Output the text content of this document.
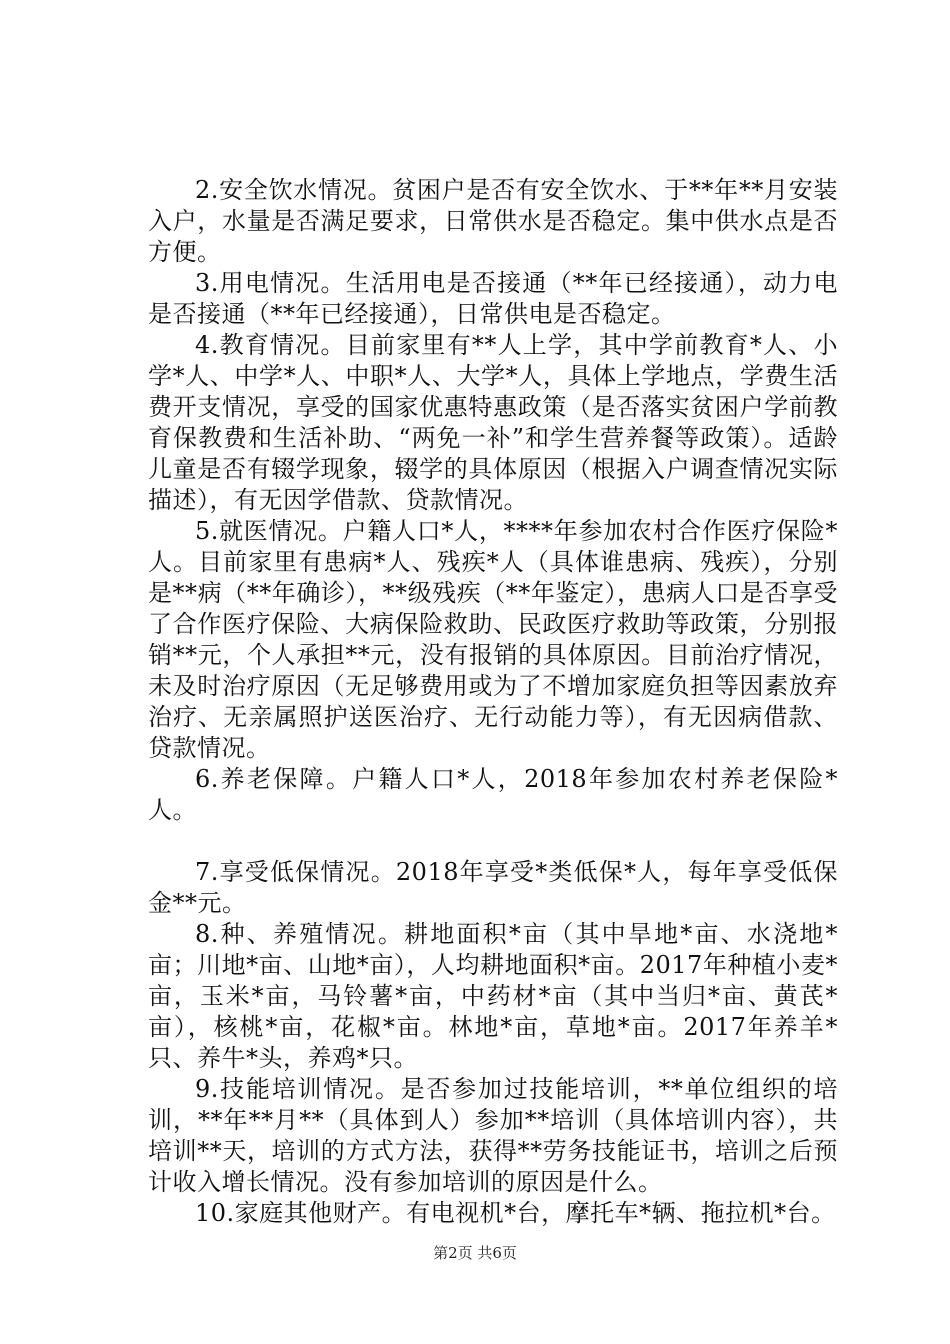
2.安全饮水情况。贫困户是否有安全饮水、于**年**月安装入户，水量是否满足要求，日常供水是否稳定。集中供水点是否方便。

3.用电情况。生活用电是否接通（**年已经接通），动力电是否接通（**年已经接通），日常供电是否稳定。

4.教育情况。目前家里有**人上学，其中学前教育*人、小学*人、中学*人、中职*人、大学*人，具体上学地点，学费生活费开支情况，享受的国家优惠特惠政策（是否落实贫困户学前教育保教费和生活补助、“两免一补”和学生营养餐等政策）。适龄儿童是否有辍学现象，辍学的具体原因（根据入户调查情况实际描述），有无因学借款、贷款情况。

5.就医情况。户籍人口*人，****年参加农村合作医疗保险*人。目前家里有患病*人、残疾*人（具体谁患病、残疾），分别是**病（**年确诊），**级残疾（**年鉴定），患病人口是否享受了合作医疗保险、大病保险救助、民政医疗救助等政策，分别报销**元，个人承担**元，没有报销的具体原因。目前治疗情况，未及时治疗原因（无足够费用或为了不增加家庭负担等因素放弃治疗、无亲属照护送医治疗、无行动能力等），有无因病借款、贷款情况。

6.养老保障。户籍人口*人，2018年参加农村养老保险*人。

7.享受低保情况。2018年享受*类低保*人，每年享受低保金**元。

8.种、养殖情况。耕地面积*亩（其中旱地*亩、水浇地*亩；川地*亩、山地*亩），人均耕地面积*亩。2017年种植小麦*亩，玉米*亩，马铃薯*亩，中药材*亩（其中当归*亩、黄芪*亩），核桃*亩，花椒*亩。林地*亩，草地*亩。2017年养羊*只、养牛*头，养鸡*只。

9.技能培训情况。是否参加过技能培训，**单位组织的培训，**年**月**（具体到人）参加**培训（具体培训内容），共培训**天，培训的方式方法，获得**劳务技能证书，培训之后预计收入增长情况。没有参加培训的原因是什么。

10.家庭其他财产。有电视机*台，摩托车*辆、拖拉机*台。

第2页 共6页
